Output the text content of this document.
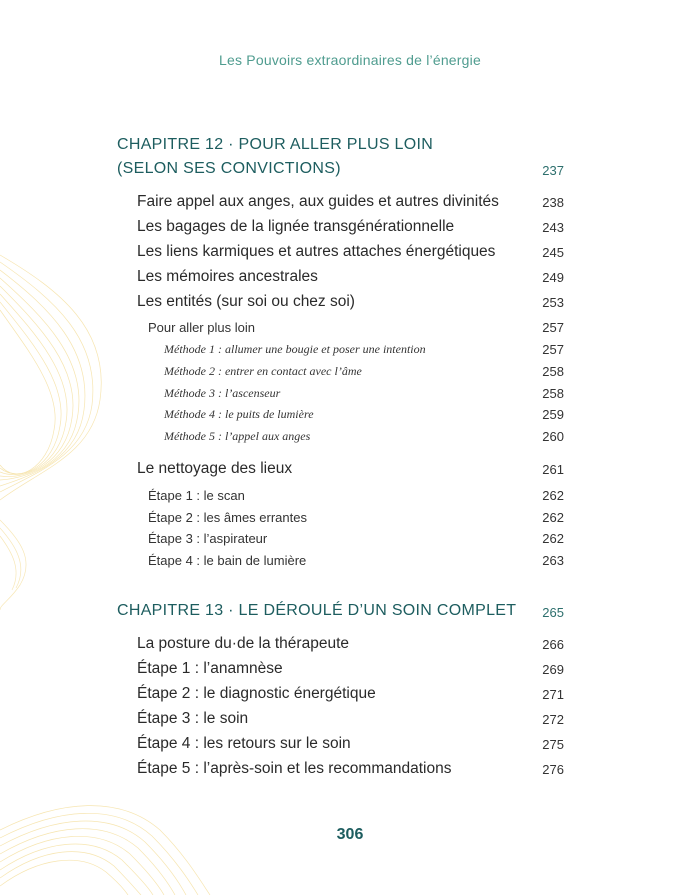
Les Pouvoirs extraordinaires de l’énergie
CHAPITRE 12 · POUR ALLER PLUS LOIN
(SELON SES CONVICTIONS)	237
Faire appel aux anges, aux guides et autres divinités	238
Les bagages de la lignée transgénérationnelle	243
Les liens karmiques et autres attaches énergétiques	245
Les mémoires ancestrales	249
Les entités (sur soi ou chez soi)	253
Pour aller plus loin	257
Méthode 1 : allumer une bougie et poser une intention	257
Méthode 2 : entrer en contact avec l’âme	258
Méthode 3 : l’ascenseur	258
Méthode 4 : le puits de lumière	259
Méthode 5 : l’appel aux anges	260
Le nettoyage des lieux	261
Étape 1 : le scan	262
Étape 2 : les âmes errantes	262
Étape 3 : l’aspirateur	262
Étape 4 : le bain de lumière	263
CHAPITRE 13 · LE DÉROULÉ D’UN SOIN COMPLET 265
La posture du·de la thérapeute	266
Étape 1 : l’anamnèse	269
Étape 2 : le diagnostic énergétique	271
Étape 3 : le soin	272
Étape 4 : les retours sur le soin	275
Étape 5 : l’après-soin et les recommandations	276
306
